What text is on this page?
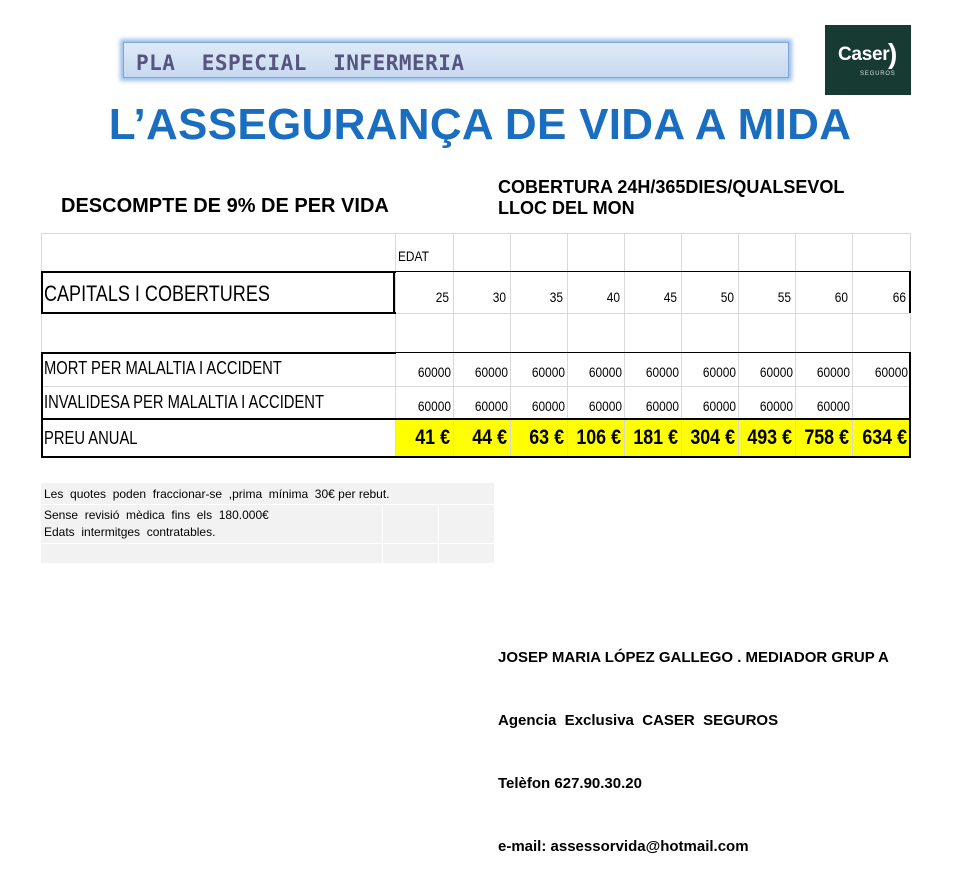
PLA  ESPECIAL  INFERMERIA	Caser
)
SEGUROS
L’ASSEGURANÇA DE VIDA A MIDA
DESCOMPTE DE 9% DE PER VIDA
COBERTURA 24H/365DIES/QUALSEVOL
LLOC DEL MON
EDAT
CAPITALS I COBERTURES	25	30	35	40	45	50	55	60	66
MORT PER MALALTIA I ACCIDENT	60000	60000	60000	60000	60000	60000	60000	60000	60000
INVALIDESA PER MALALTIA I ACCIDENT	60000	60000	60000	60000	60000	60000	60000	60000
PREU ANUAL	41 €	44 €	63 € 106 € 181 € 304 € 493 € 758 € 634 €
Les  quotes  poden  fraccionar-se  ,prima  mínima  30€ per rebut.
Sense  revisió  mèdica  fins  els  180.000€
Edats  intermitges  contratables.

JOSEP MARIA LÓPEZ GALLEGO . MEDIADOR GRUP A

Agencia  Exclusiva  CASER  SEGUROS

Telèfon 627.90.30.20

e-mail: assessorvida@hotmail.com
